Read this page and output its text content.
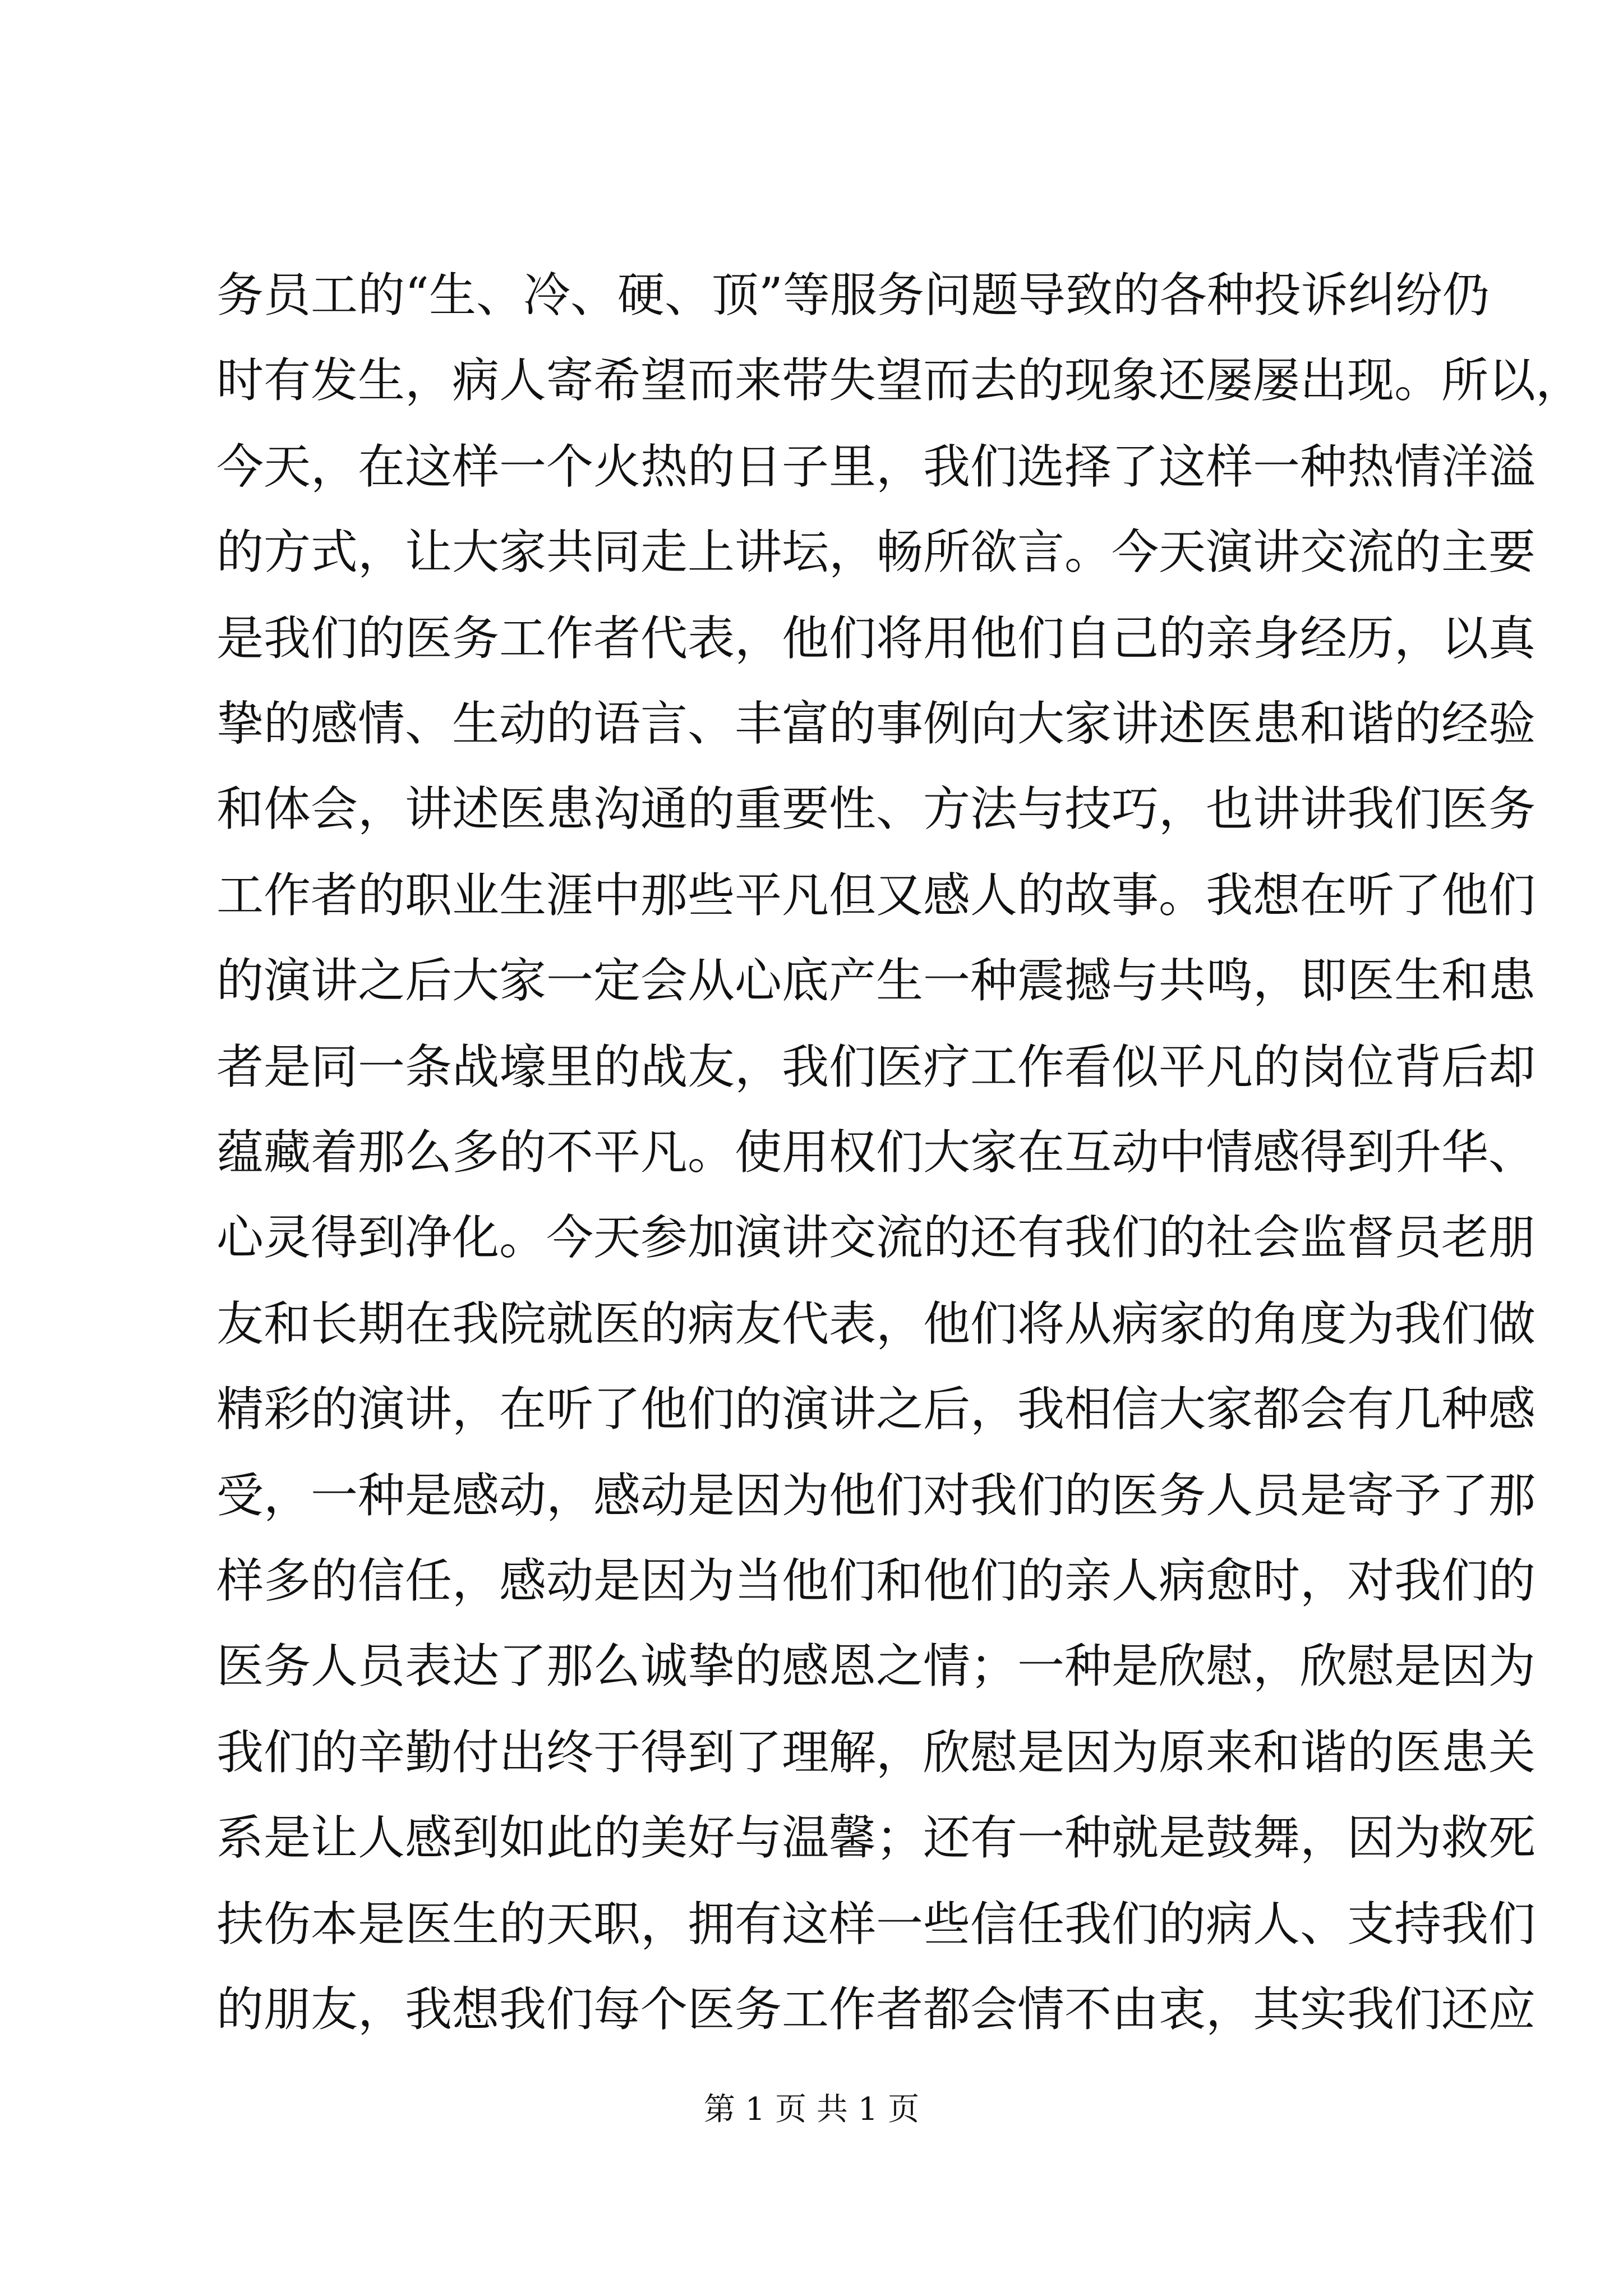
务员工的“生、冷、硬、顶”等服务问题导致的各种投诉纠纷仍
时有发生，病人寄希望而来带失望而去的现象还屡屡出现。所以，
今天，在这样一个火热的日子里，我们选择了这样一种热情洋溢
的方式，让大家共同走上讲坛，畅所欲言。今天演讲交流的主要
是我们的医务工作者代表，他们将用他们自己的亲身经历，以真
挚的感情、生动的语言、丰富的事例向大家讲述医患和谐的经验
和体会，讲述医患沟通的重要性、方法与技巧，也讲讲我们医务
工作者的职业生涯中那些平凡但又感人的故事。我想在听了他们
的演讲之后大家一定会从心底产生一种震撼与共鸣，即医生和患
者是同一条战壕里的战友，我们医疗工作看似平凡的岗位背后却
蕴藏着那么多的不平凡。使用权们大家在互动中情感得到升华、
心灵得到净化。今天参加演讲交流的还有我们的社会监督员老朋
友和长期在我院就医的病友代表，他们将从病家的角度为我们做
精彩的演讲，在听了他们的演讲之后，我相信大家都会有几种感
受，一种是感动，感动是因为他们对我们的医务人员是寄予了那
样多的信任，感动是因为当他们和他们的亲人病愈时，对我们的
医务人员表达了那么诚挚的感恩之情；一种是欣慰，欣慰是因为
我们的辛勤付出终于得到了理解，欣慰是因为原来和谐的医患关
系是让人感到如此的美好与温馨；还有一种就是鼓舞，因为救死
扶伤本是医生的天职，拥有这样一些信任我们的病人、支持我们
的朋友，我想我们每个医务工作者都会情不由衷，其实我们还应
第 1 页 共 1 页
